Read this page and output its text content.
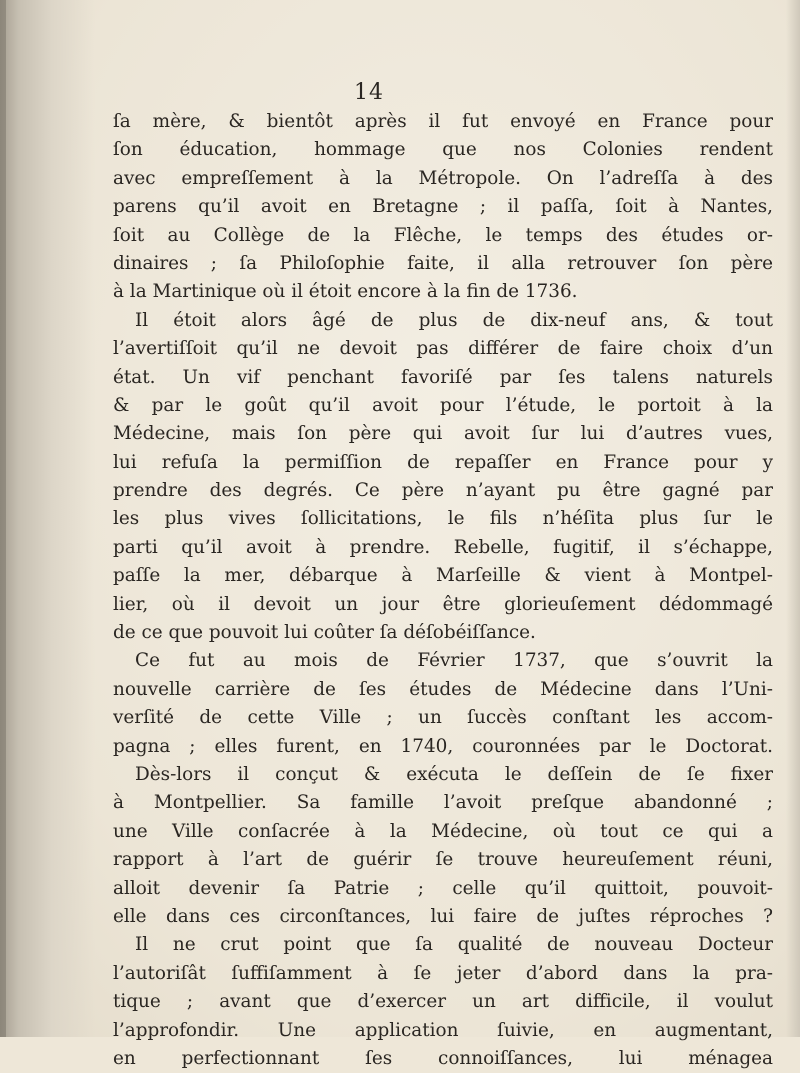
14
ſa mère, & bientôt après il fut envoyé en France pour
ſon éducation, hommage que nos Colonies rendent
avec empreſſement à la Métropole. On l’adreſſa à des
parens qu’il avoit en Bretagne ; il paſſa, ſoit à Nantes,
ſoit au Collège de la Flêche, le temps des études or-
dinaires ; ſa Philoſophie faite, il alla retrouver ſon père
à la Martinique où il étoit encore à la fin de 1736.
Il étoit alors âgé de plus de dix-neuf ans, & tout
l’avertiſſoit qu’il ne devoit pas différer de faire choix d’un
état. Un vif penchant favoriſé par ſes talens naturels
& par le goût qu’il avoit pour l’étude, le portoit à la
Médecine, mais ſon père qui avoit ſur lui d’autres vues,
lui refuſa la permiſſion de repaſſer en France pour y
prendre des degrés. Ce père n’ayant pu être gagné par
les plus vives ſollicitations, le fils n’héſita plus ſur le
parti qu’il avoit à prendre. Rebelle, fugitif, il s’échappe,
paſſe la mer, débarque à Marſeille & vient à Montpel-
lier, où il devoit un jour être glorieuſement dédommagé
de ce que pouvoit lui coûter ſa déſobéiſſance.
Ce fut au mois de Février 1737, que s’ouvrit la
nouvelle carrière de ſes études de Médecine dans l’Uni-
verſité de cette Ville ; un ſuccès conſtant les accom-
pagna ; elles furent, en 1740, couronnées par le Doctorat.
Dès-lors il conçut & exécuta le deſſein de ſe fixer
à Montpellier. Sa famille l’avoit preſque abandonné ;
une Ville conſacrée à la Médecine, où tout ce qui a
rapport à l’art de guérir ſe trouve heureuſement réuni,
alloit devenir ſa Patrie ; celle qu’il quittoit, pouvoit-
elle dans ces circonſtances, lui faire de juſtes réproches ?
Il ne crut point que ſa qualité de nouveau Docteur
l’autoriſât ſuffiſamment à ſe jeter d’abord dans la pra-
tique ; avant que d’exercer un art difficile, il voulut
l’approfondir. Une application ſuivie, en augmentant,
en perfectionnant ſes connoiſſances, lui ménagea
